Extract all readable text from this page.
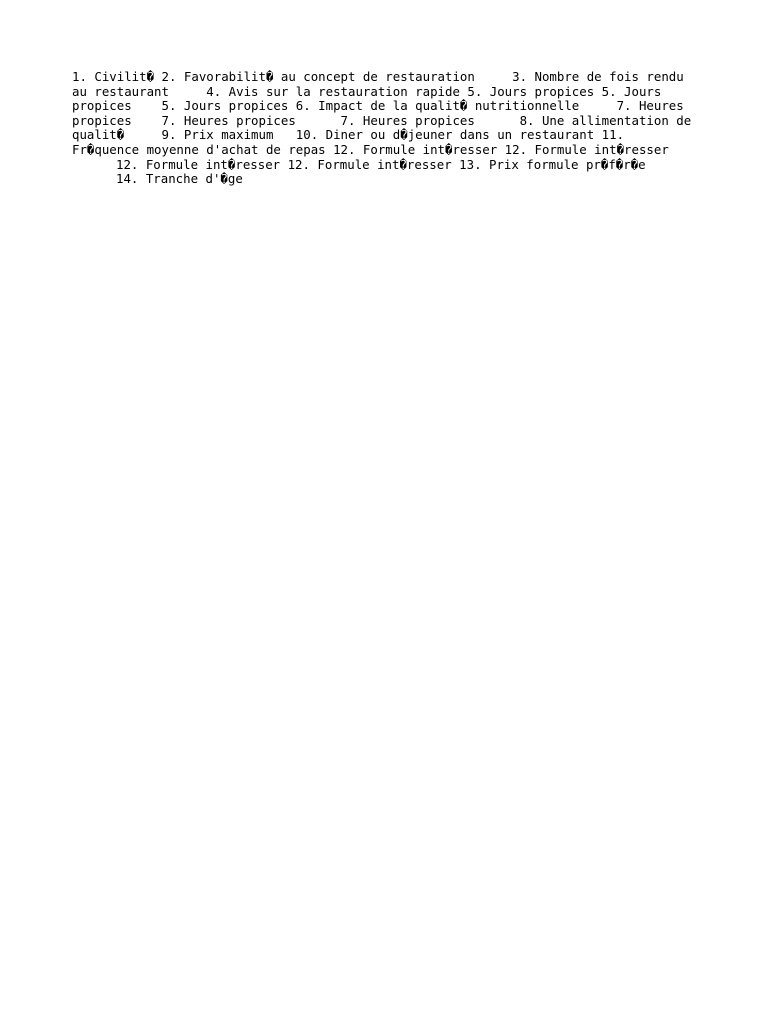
1. Civilit� 2. Favorabilit� au concept de restauration     3. Nombre de fois rendu
au restaurant     4. Avis sur la restauration rapide 5. Jours propices 5. Jours
propices    5. Jours propices 6. Impact de la qualit� nutritionnelle     7. Heures
propices    7. Heures propices      7. Heures propices      8. Une allimentation de
qualit�     9. Prix maximum   10. Diner ou d�jeuner dans un restaurant 11.
Fr�quence moyenne d'achat de repas 12. Formule int�resser 12. Formule int�resser
12. Formule int�resser 12. Formule int�resser 13. Prix formule pr�f�r�e
14. Tranche d'�ge
